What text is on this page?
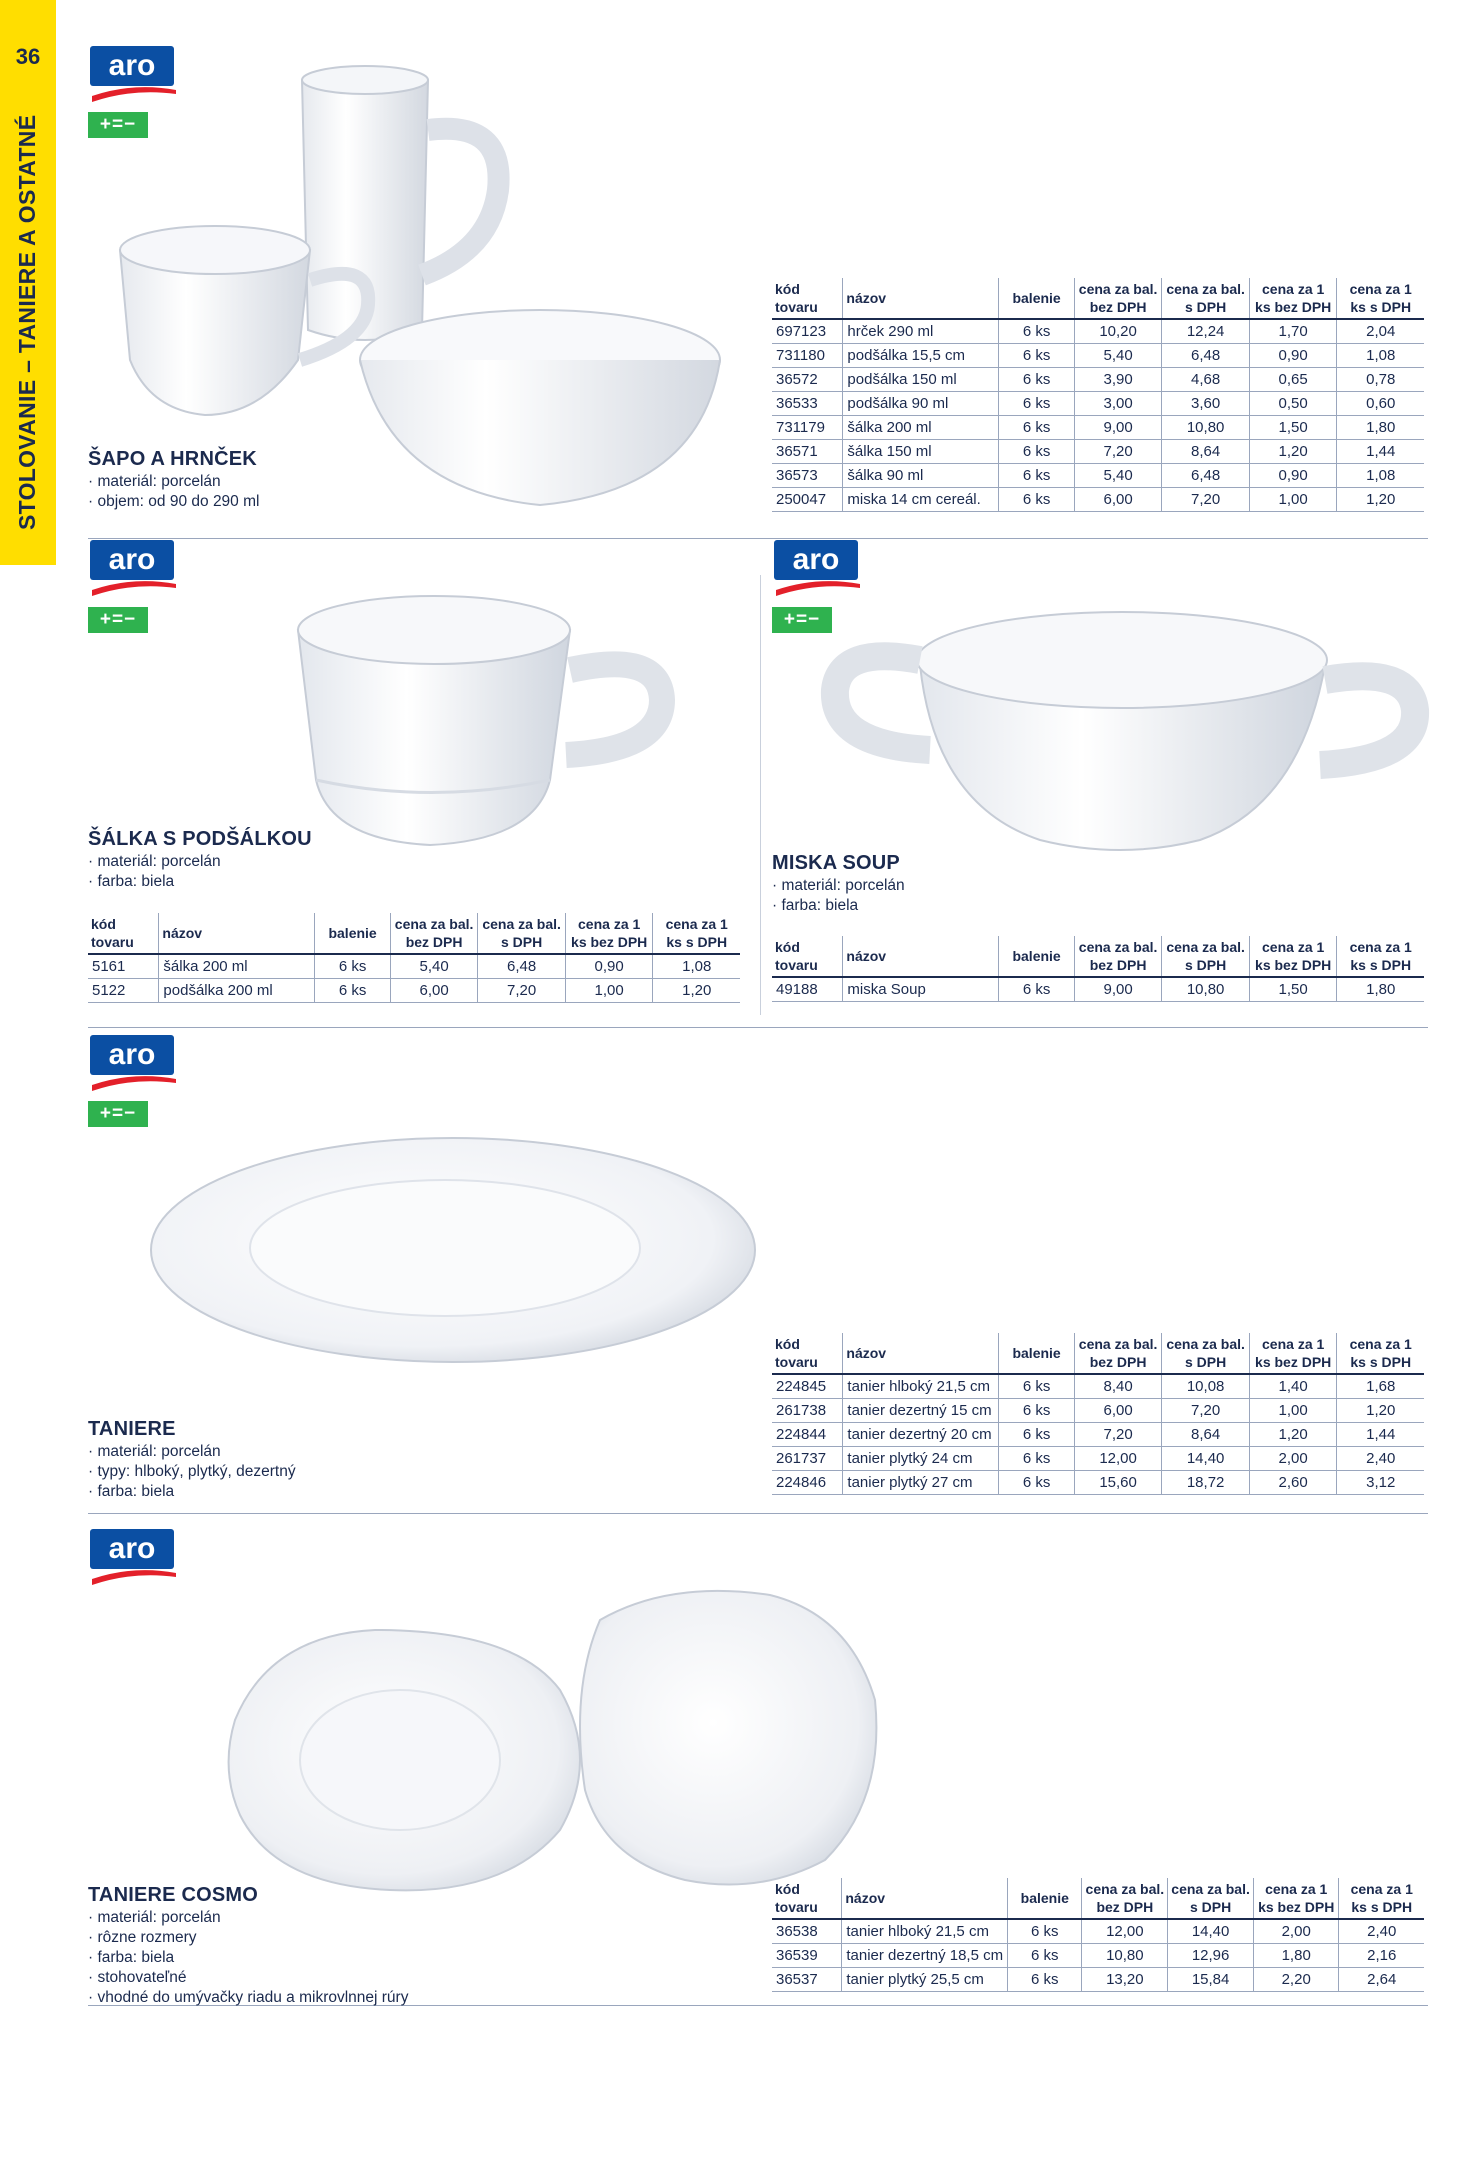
36
STOLOVANIE – TANIERE A OSTATNÉ
aro
+=−
aro
+=−
aro
+=−
aro
+=−
aro
ŠAPO A HRNČEK
· materiál: porcelán
· objem: od 90 do 290 ml
kód tovaru	názov	balenie	cena za bal. bez DPH	cena za bal. s DPH	cena za 1 ks bez DPH	cena za 1 ks s DPH
697123	hrček 290 ml	6 ks	10,20	12,24	1,70	2,04
731180	podšálka 15,5 cm	6 ks	5,40	6,48	0,90	1,08
36572	podšálka 150 ml	6 ks	3,90	4,68	0,65	0,78
36533	podšálka 90 ml	6 ks	3,00	3,60	0,50	0,60
731179	šálka 200 ml	6 ks	9,00	10,80	1,50	1,80
36571	šálka 150 ml	6 ks	7,20	8,64	1,20	1,44
36573	šálka 90 ml	6 ks	5,40	6,48	0,90	1,08
250047	miska 14 cm cereál.	6 ks	6,00	7,20	1,00	1,20
ŠÁLKA S PODŠÁLKOU
· materiál: porcelán
· farba: biela
kód tovaru	názov	balenie	cena za bal. bez DPH	cena za bal. s DPH	cena za 1 ks bez DPH	cena za 1 ks s DPH
5161	šálka 200 ml	6 ks	5,40	6,48	0,90	1,08
5122	podšálka 200 ml	6 ks	6,00	7,20	1,00	1,20
MISKA SOUP
· materiál: porcelán
· farba: biela
kód tovaru	názov	balenie	cena za bal. bez DPH	cena za bal. s DPH	cena za 1 ks bez DPH	cena za 1 ks s DPH
49188	miska Soup	6 ks	9,00	10,80	1,50	1,80
TANIERE
· materiál: porcelán
· typy: hlboký, plytký, dezertný
· farba: biela
kód tovaru	názov	balenie	cena za bal. bez DPH	cena za bal. s DPH	cena za 1 ks bez DPH	cena za 1 ks s DPH
224845	tanier hlboký 21,5 cm	6 ks	8,40	10,08	1,40	1,68
261738	tanier dezertný 15 cm	6 ks	6,00	7,20	1,00	1,20
224844	tanier dezertný 20 cm	6 ks	7,20	8,64	1,20	1,44
261737	tanier plytký 24 cm	6 ks	12,00	14,40	2,00	2,40
224846	tanier plytký 27 cm	6 ks	15,60	18,72	2,60	3,12
TANIERE COSMO
· materiál: porcelán
· rôzne rozmery
· farba: biela
· stohovateľné
· vhodné do umývačky riadu a mikrovlnnej rúry
kód tovaru	názov	balenie	cena za bal. bez DPH	cena za bal. s DPH	cena za 1 ks bez DPH	cena za 1 ks s DPH
36538	tanier hlboký 21,5 cm	6 ks	12,00	14,40	2,00	2,40
36539	tanier dezertný 18,5 cm	6 ks	10,80	12,96	1,80	2,16
36537	tanier plytký 25,5 cm	6 ks	13,20	15,84	2,20	2,64
